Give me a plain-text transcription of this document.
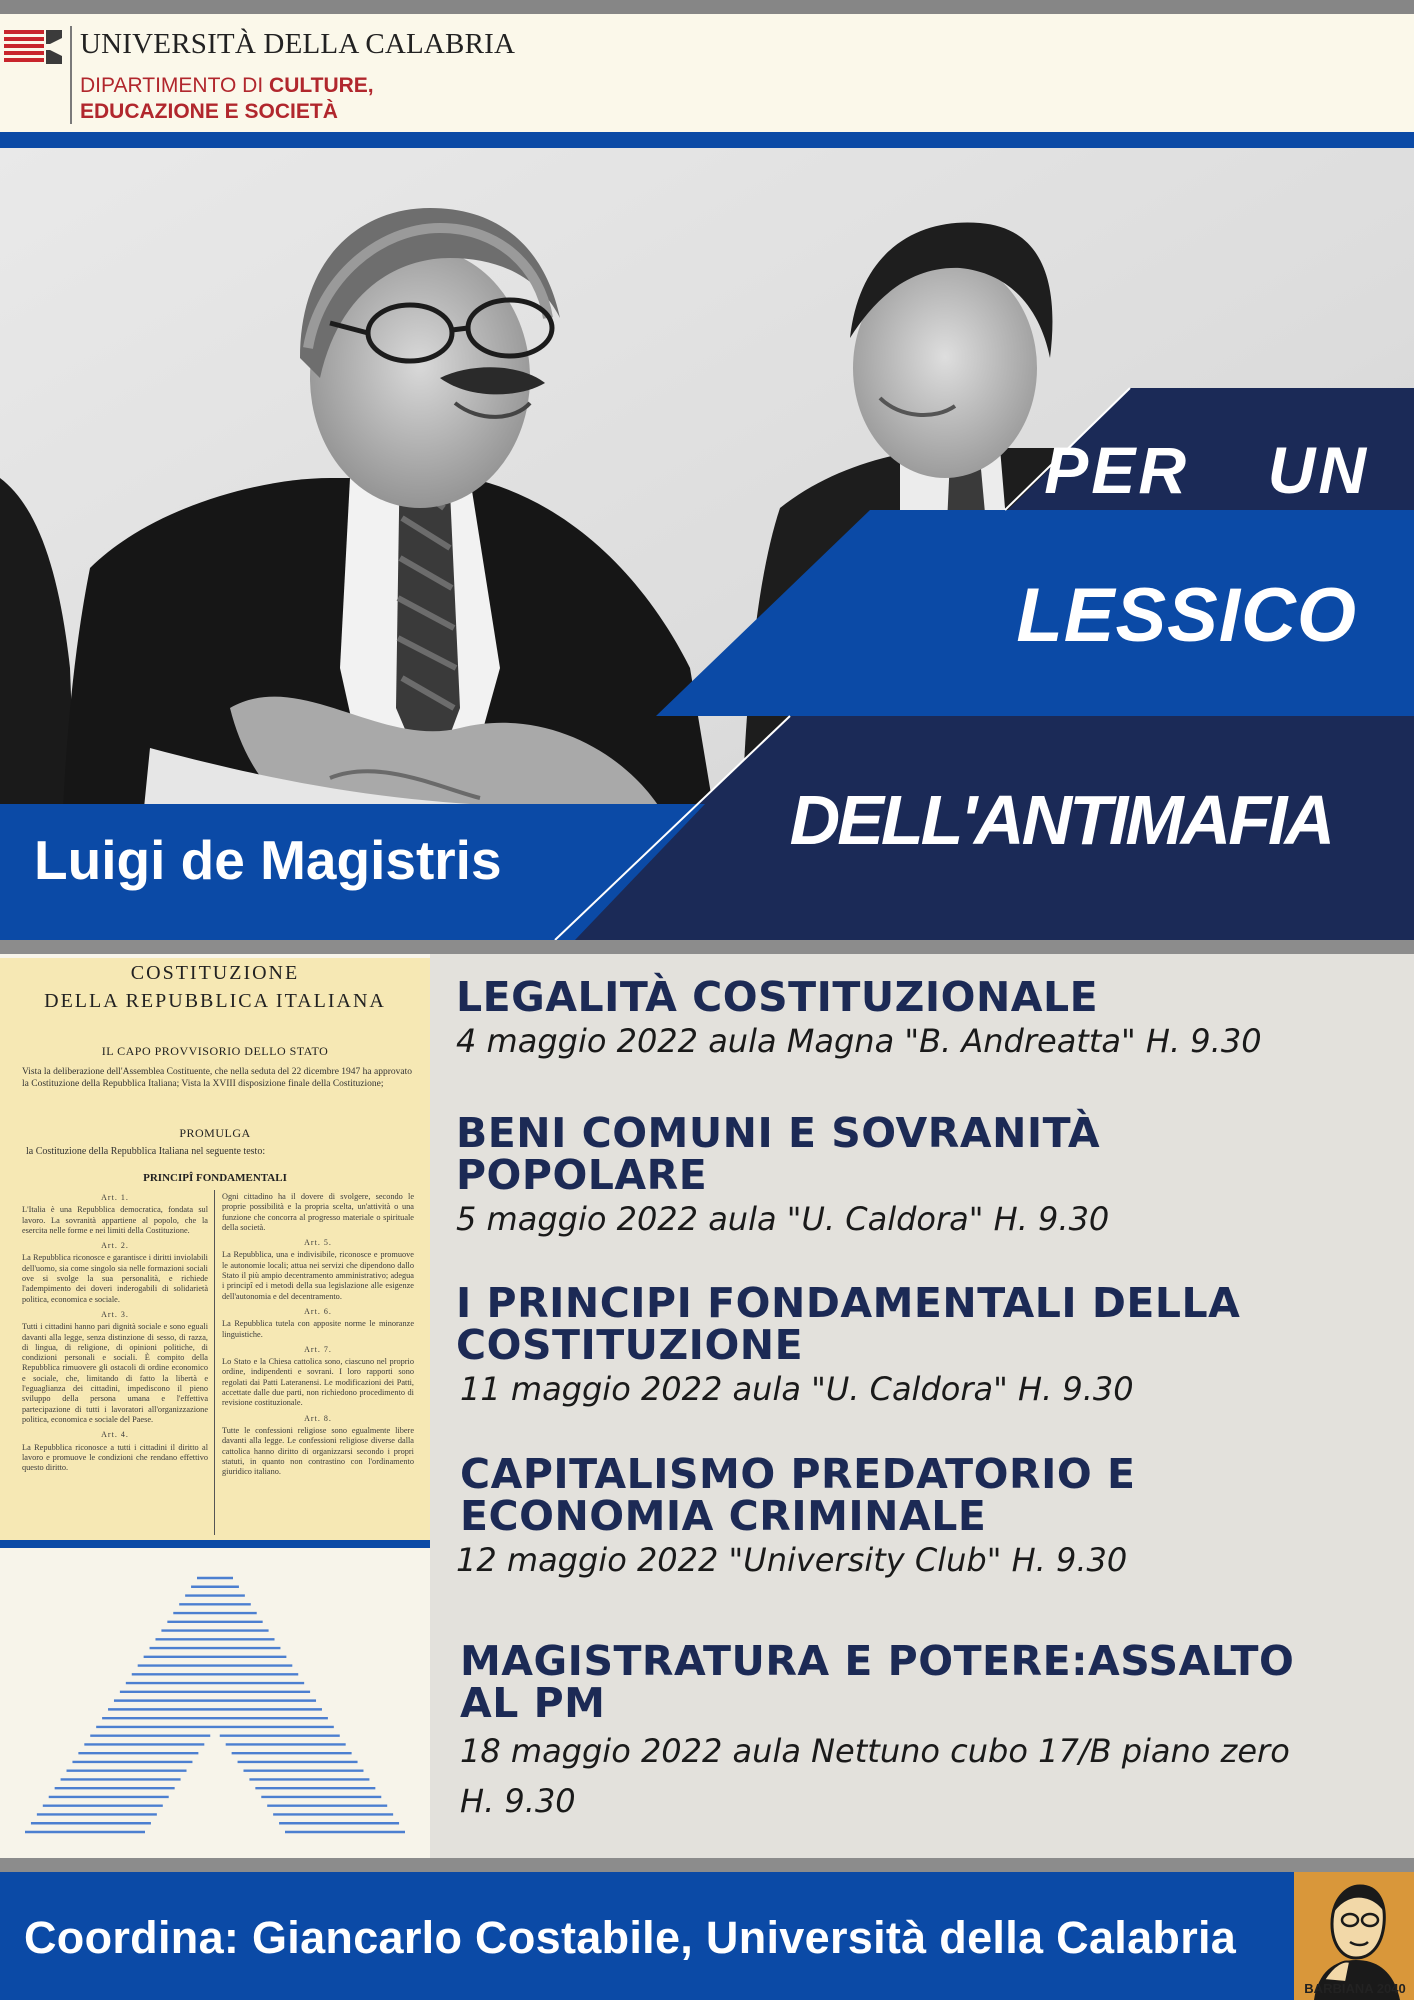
UNIVERSITÀ DELLA CALABRIA
DIPARTIMENTO DI CULTURE,
EDUCAZIONE E SOCIETÀ
PER  UN
LESSICO
DELL'ANTIMAFIA
Luigi de Magistris
COSTITUZIONE
DELLA REPUBBLICA ITALIANA
IL CAPO PROVVISORIO DELLO STATO
Vista la deliberazione dell'Assemblea Costituente, che nella seduta del 22 dicembre 1947 ha approvato la Costituzione della Repubblica Italiana; Vista la XVIII disposizione finale della Costituzione;
PROMULGA
la Costituzione della Repubblica Italiana nel seguente testo:
PRINCIPÎ FONDAMENTALI
Art. 1.
L'Italia è una Repubblica democratica, fondata sul lavoro. La sovranità appartiene al popolo, che la esercita nelle forme e nei limiti della Costituzione.
Art. 2.
La Repubblica riconosce e garantisce i diritti inviolabili dell'uomo, sia come singolo sia nelle formazioni sociali ove si svolge la sua personalità, e richiede l'adempimento dei doveri inderogabili di solidarietà politica, economica e sociale.
Art. 3.
Tutti i cittadini hanno pari dignità sociale e sono eguali davanti alla legge, senza distinzione di sesso, di razza, di lingua, di religione, di opinioni politiche, di condizioni personali e sociali. È compito della Repubblica rimuovere gli ostacoli di ordine economico e sociale, che, limitando di fatto la libertà e l'eguaglianza dei cittadini, impediscono il pieno sviluppo della persona umana e l'effettiva partecipazione di tutti i lavoratori all'organizzazione politica, economica e sociale del Paese.
Art. 4.
La Repubblica riconosce a tutti i cittadini il diritto al lavoro e promuove le condizioni che rendano effettivo questo diritto.
Ogni cittadino ha il dovere di svolgere, secondo le proprie possibilità e la propria scelta, un'attività o una funzione che concorra al progresso materiale o spirituale della società.
Art. 5.
La Repubblica, una e indivisibile, riconosce e promuove le autonomie locali; attua nei servizi che dipendono dallo Stato il più ampio decentramento amministrativo; adegua i principî ed i metodi della sua legislazione alle esigenze dell'autonomia e del decentramento.
Art. 6.
La Repubblica tutela con apposite norme le minoranze linguistiche.
Art. 7.
Lo Stato e la Chiesa cattolica sono, ciascuno nel proprio ordine, indipendenti e sovrani. I loro rapporti sono regolati dai Patti Lateranensi. Le modificazioni dei Patti, accettate dalle due parti, non richiedono procedimento di revisione costituzionale.
Art. 8.
Tutte le confessioni religiose sono egualmente libere davanti alla legge. Le confessioni religiose diverse dalla cattolica hanno diritto di organizzarsi secondo i propri statuti, in quanto non contrastino con l'ordinamento giuridico italiano.
LEGALITÀ COSTITUZIONALE
4 maggio 2022 aula Magna "B. Andreatta" H. 9.30
BENI COMUNI E SOVRANITÀ
POPOLARE
5 maggio 2022 aula "U. Caldora" H. 9.30
I PRINCIPI FONDAMENTALI DELLA
COSTITUZIONE
11 maggio 2022 aula "U. Caldora" H. 9.30
CAPITALISMO PREDATORIO E
ECONOMIA CRIMINALE
12 maggio 2022 "University Club" H. 9.30
MAGISTRATURA E POTERE:ASSALTO
AL PM
18 maggio 2022 aula Nettuno cubo 17/B piano zero
H. 9.30
Coordina: Giancarlo Costabile, Università della Calabria
BARBIANA 2040
